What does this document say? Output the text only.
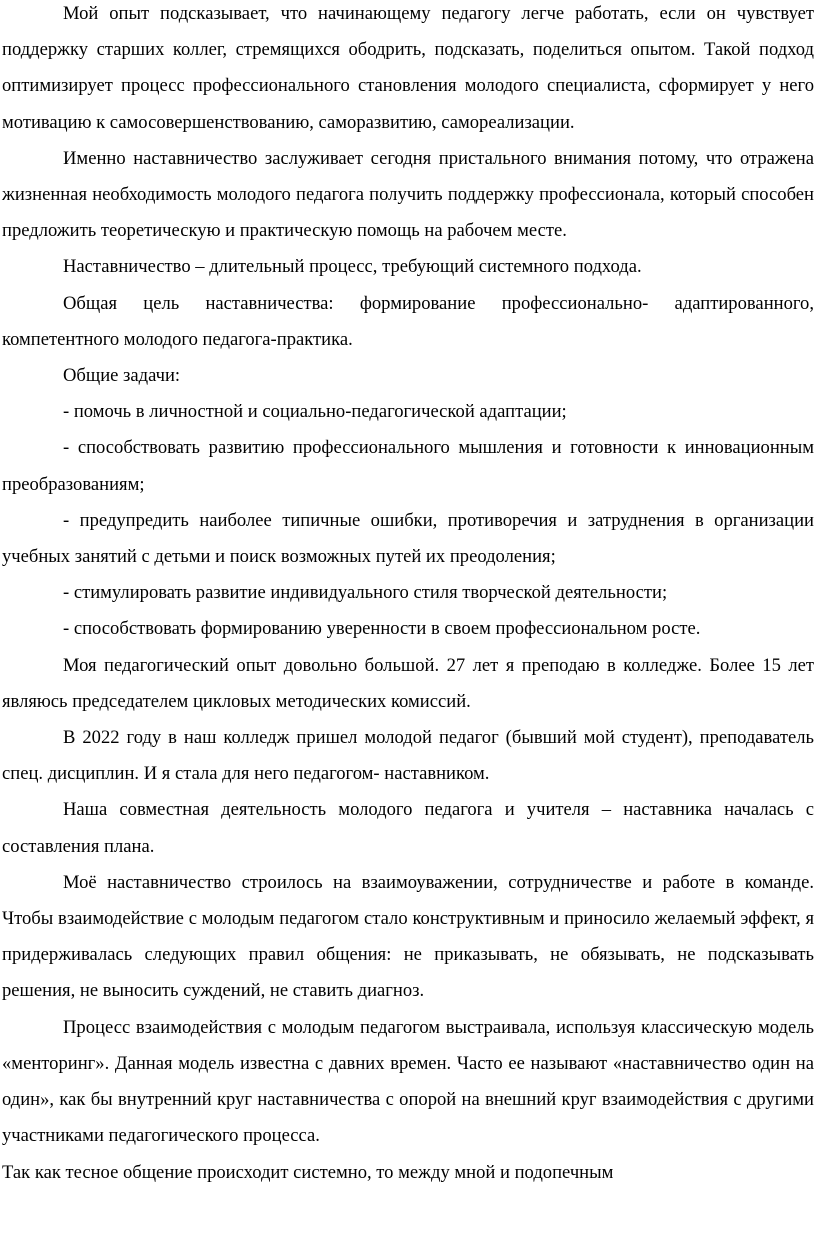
Мой опыт подсказывает, что начинающему педагогу легче работать, если он чувствует поддержку старших коллег, стремящихся ободрить, подсказать, поделиться опытом. Такой подход оптимизирует процесс профессионального становления молодого специалиста, сформирует у него мотивацию к самосовершенствованию, саморазвитию, самореализации.

Именно наставничество заслуживает сегодня пристального внимания потому, что отражена жизненная необходимость молодого педагога получить поддержку профессионала, который способен предложить теоретическую и практическую помощь на рабочем месте.

Наставничество – длительный процесс, требующий системного подхода.

Общая цель наставничества: формирование профессионально- адаптированного, компетентного молодого педагога-практика.

Общие задачи:

- помочь в личностной и социально-педагогической адаптации;

- способствовать развитию профессионального мышления и готовности к инновационным преобразованиям;

- предупредить наиболее типичные ошибки, противоречия и затруднения в организации учебных занятий с детьми и поиск возможных путей их преодоления;

- стимулировать развитие индивидуального стиля творческой деятельности;

- способствовать формированию уверенности в своем профессиональном росте.

Моя педагогический опыт довольно большой. 27 лет я преподаю в колледже. Более 15 лет являюсь председателем цикловых методических комиссий.

В 2022 году в наш колледж пришел молодой педагог (бывший мой студент), преподаватель спец. дисциплин. И я стала для него педагогом- наставником.

Наша совместная деятельность молодого педагога и учителя – наставника началась с составления плана.

Моё наставничество строилось на взаимоуважении, сотрудничестве и работе в команде. Чтобы взаимодействие с молодым педагогом стало конструктивным и приносило желаемый эффект, я придерживалась следующих правил общения: не приказывать, не обязывать, не подсказывать решения, не выносить суждений, не ставить диагноз.

Процесс взаимодействия с молодым педагогом выстраивала, используя классическую модель «менторинг». Данная модель известна с давних времен. Часто ее называют «наставничество один на один», как бы внутренний круг наставничества с опорой на внешний круг взаимодействия с другими участниками педагогического процесса.

Так как тесное общение происходит системно, то между мной и подопечным
